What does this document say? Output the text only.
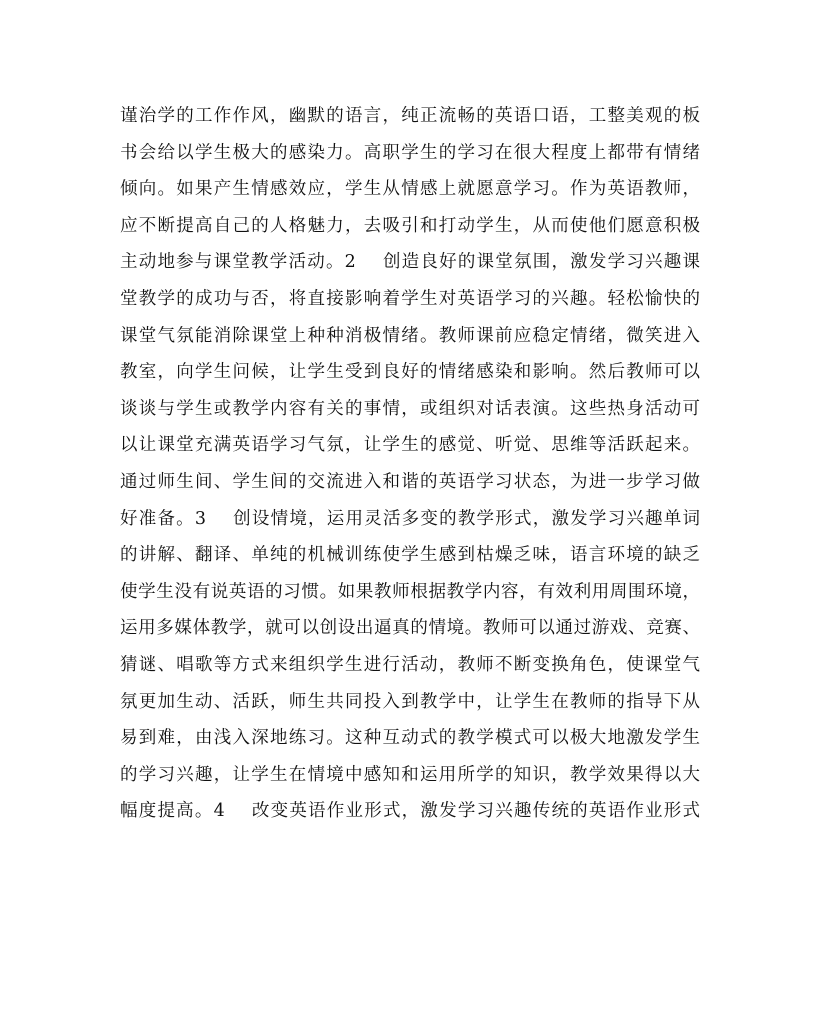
谨治学的工作作风，幽默的语言，纯正流畅的英语口语，工整美观的板
书会给以学生极大的感染力。高职学生的学习在很大程度上都带有情绪
倾向。如果产生情感效应，学生从情感上就愿意学习。作为英语教师，
应不断提高自己的人格魅力，去吸引和打动学生，从而使他们愿意积极
主动地参与课堂教学活动。2    创造良好的课堂氛围，激发学习兴趣课
堂教学的成功与否，将直接影响着学生对英语学习的兴趣。轻松愉快的
课堂气氛能消除课堂上种种消极情绪。教师课前应稳定情绪，微笑进入
教室，向学生问候，让学生受到良好的情绪感染和影响。然后教师可以
谈谈与学生或教学内容有关的事情，或组织对话表演。这些热身活动可
以让课堂充满英语学习气氛，让学生的感觉、听觉、思维等活跃起来。
通过师生间、学生间的交流进入和谐的英语学习状态，为进一步学习做
好准备。3    创设情境，运用灵活多变的教学形式，激发学习兴趣单词
的讲解、翻译、单纯的机械训练使学生感到枯燥乏味，语言环境的缺乏
使学生没有说英语的习惯。如果教师根据教学内容，有效利用周围环境，
运用多媒体教学，就可以创设出逼真的情境。教师可以通过游戏、竞赛、
猜谜、唱歌等方式来组织学生进行活动，教师不断变换角色，使课堂气
氛更加生动、活跃，师生共同投入到教学中，让学生在教师的指导下从
易到难，由浅入深地练习。这种互动式的教学模式可以极大地激发学生
的学习兴趣，让学生在情境中感知和运用所学的知识，教学效果得以大
幅度提高。4    改变英语作业形式，激发学习兴趣传统的英语作业形式
